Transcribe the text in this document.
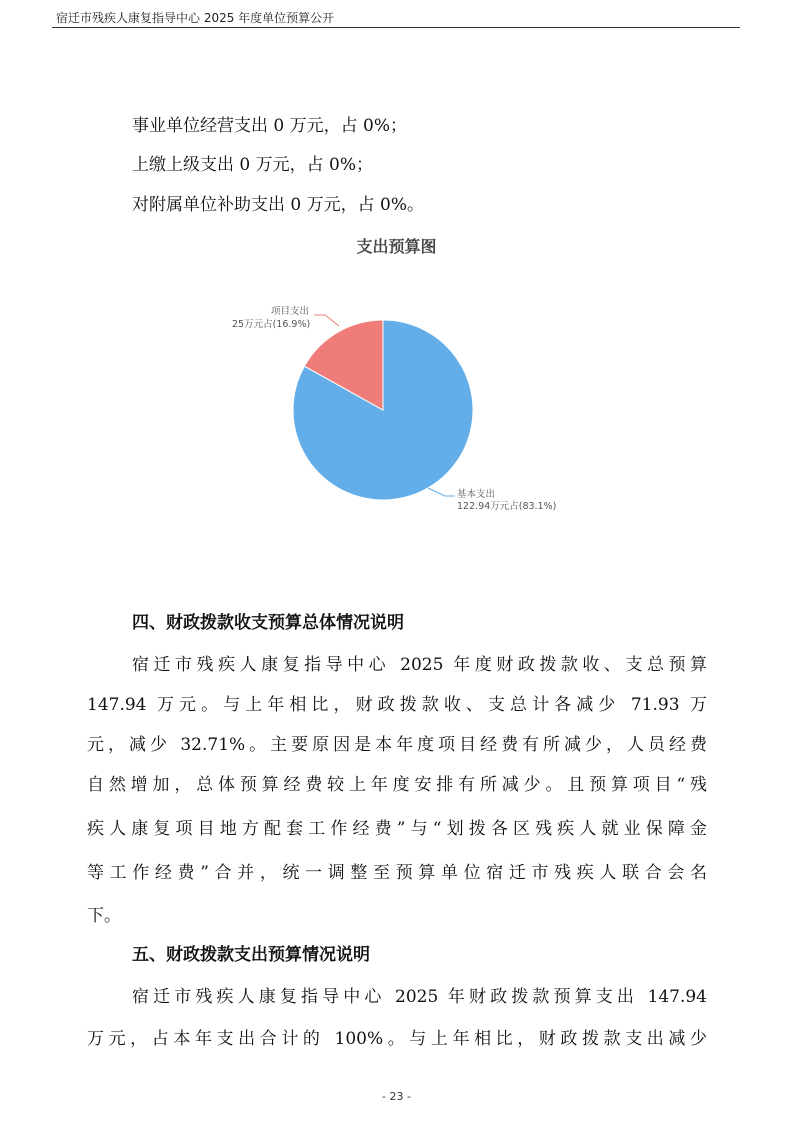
宿迁市残疾人康复指导中心 2025 年度单位预算公开
事业单位经营支出 0 万元，占 0%；
上缴上级支出 0 万元，占 0%；
对附属单位补助支出 0 万元，占 0%。
支出预算图
项目支出
25万元占(16.9%)
基本支出
122.94万元占(83.1%)
四、财政拨款收支预算总体情况说明
宿迁市残疾人康复指导中心 2025 年度财政拨款收、支总预算
147.94 万元。与上年相比，财政拨款收、支总计各减少 71.93 万
元，减少 32.71%。主要原因是本年度项目经费有所减少，人员经费
自然增加，总体预算经费较上年度安排有所减少。且预算项目“残
疾人康复项目地方配套工作经费”与“划拨各区残疾人就业保障金
等工作经费”合并，统一调整至预算单位宿迁市残疾人联合会名
下。
五、财政拨款支出预算情况说明
宿迁市残疾人康复指导中心 2025 年财政拨款预算支出 147.94
万元，占本年支出合计的 100%。与上年相比，财政拨款支出减少
- 23 -
